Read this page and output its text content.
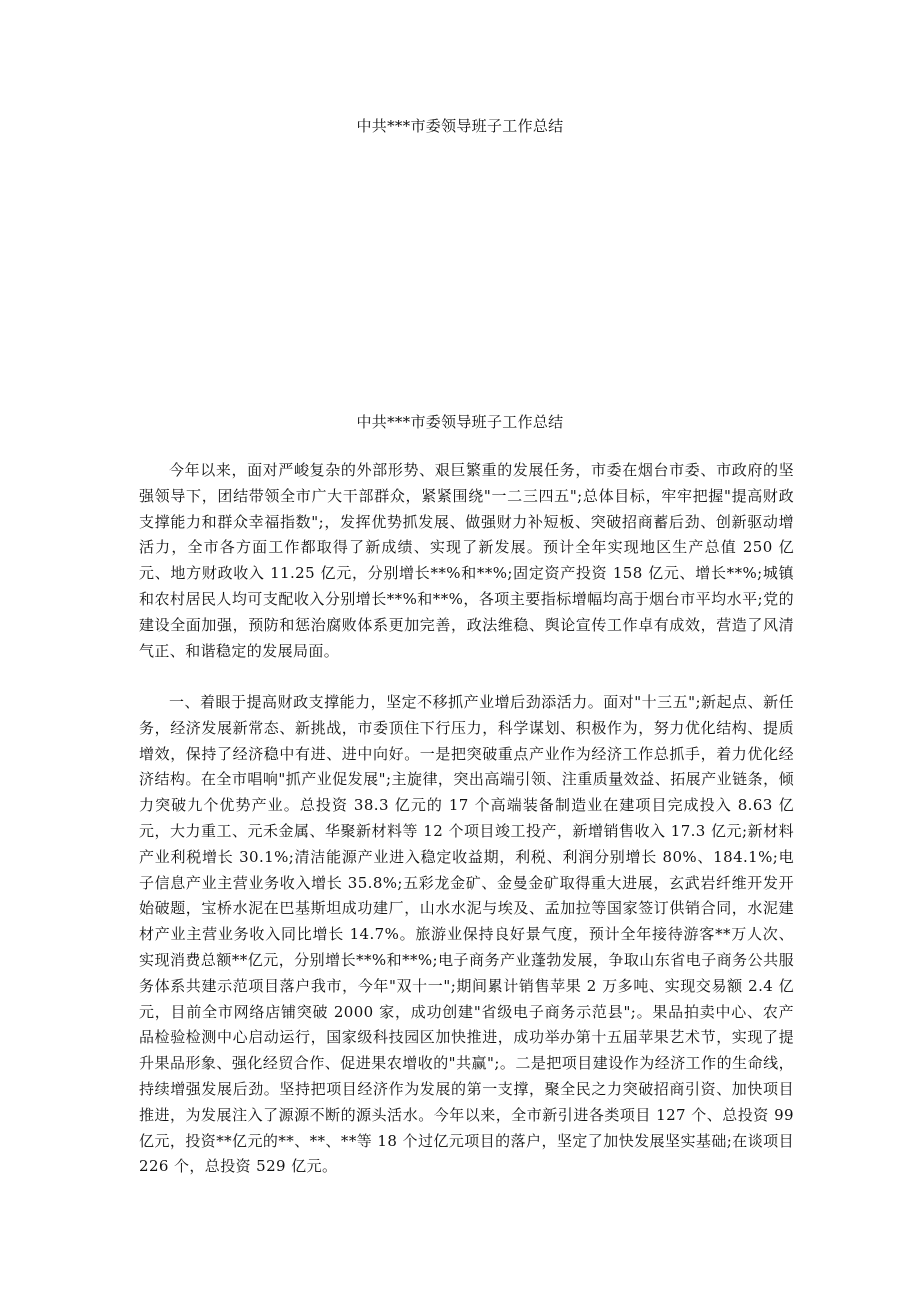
中共***市委领导班子工作总结
中共***市委领导班子工作总结

今年以来，面对严峻复杂的外部形势、艰巨繁重的发展任务，市委在烟台市委、市政府的坚强领导下，团结带领全市广大干部群众，紧紧围绕"一二三四五";总体目标，牢牢把握"提高财政支撑能力和群众幸福指数";，发挥优势抓发展、做强财力补短板、突破招商蓄后劲、创新驱动增活力，全市各方面工作都取得了新成绩、实现了新发展。预计全年实现地区生产总值 250 亿元、地方财政收入 11.25 亿元，分别增长**%和**%;固定资产投资 158 亿元、增长**%;城镇和农村居民人均可支配收入分别增长**%和**%，各项主要指标增幅均高于烟台市平均水平;党的建设全面加强，预防和惩治腐败体系更加完善，政法维稳、舆论宣传工作卓有成效，营造了风清气正、和谐稳定的发展局面。

一、着眼于提高财政支撑能力，坚定不移抓产业增后劲添活力。面对"十三五";新起点、新任务，经济发展新常态、新挑战，市委顶住下行压力，科学谋划、积极作为，努力优化结构、提质增效，保持了经济稳中有进、进中向好。一是把突破重点产业作为经济工作总抓手，着力优化经济结构。在全市唱响"抓产业促发展";主旋律，突出高端引领、注重质量效益、拓展产业链条，倾力突破九个优势产业。总投资 38.3 亿元的 17 个高端装备制造业在建项目完成投入 8.63 亿元，大力重工、元禾金属、华聚新材料等 12 个项目竣工投产，新增销售收入 17.3 亿元;新材料产业利税增长 30.1%;清洁能源产业进入稳定收益期，利税、利润分别增长 80%、184.1%;电子信息产业主营业务收入增长 35.8%;五彩龙金矿、金曼金矿取得重大进展，玄武岩纤维开发开始破题，宝桥水泥在巴基斯坦成功建厂，山水水泥与埃及、孟加拉等国家签订供销合同，水泥建材产业主营业务收入同比增长 14.7%。旅游业保持良好景气度，预计全年接待游客**万人次、实现消费总额**亿元，分别增长**%和**%;电子商务产业蓬勃发展，争取山东省电子商务公共服务体系共建示范项目落户我市，今年"双十一";期间累计销售苹果 2 万多吨、实现交易额 2.4 亿元，目前全市网络店铺突破 2000 家，成功创建"省级电子商务示范县";。果品拍卖中心、农产品检验检测中心启动运行，国家级科技园区加快推进，成功举办第十五届苹果艺术节，实现了提升果品形象、强化经贸合作、促进果农增收的"共赢";。二是把项目建设作为经济工作的生命线，持续增强发展后劲。坚持把项目经济作为发展的第一支撑，聚全民之力突破招商引资、加快项目推进，为发展注入了源源不断的源头活水。今年以来，全市新引进各类项目 127 个、总投资 99 亿元，投资**亿元的**、**、**等 18 个过亿元项目的落户，坚定了加快发展坚实基础;在谈项目 226 个，总投资 529 亿元。
